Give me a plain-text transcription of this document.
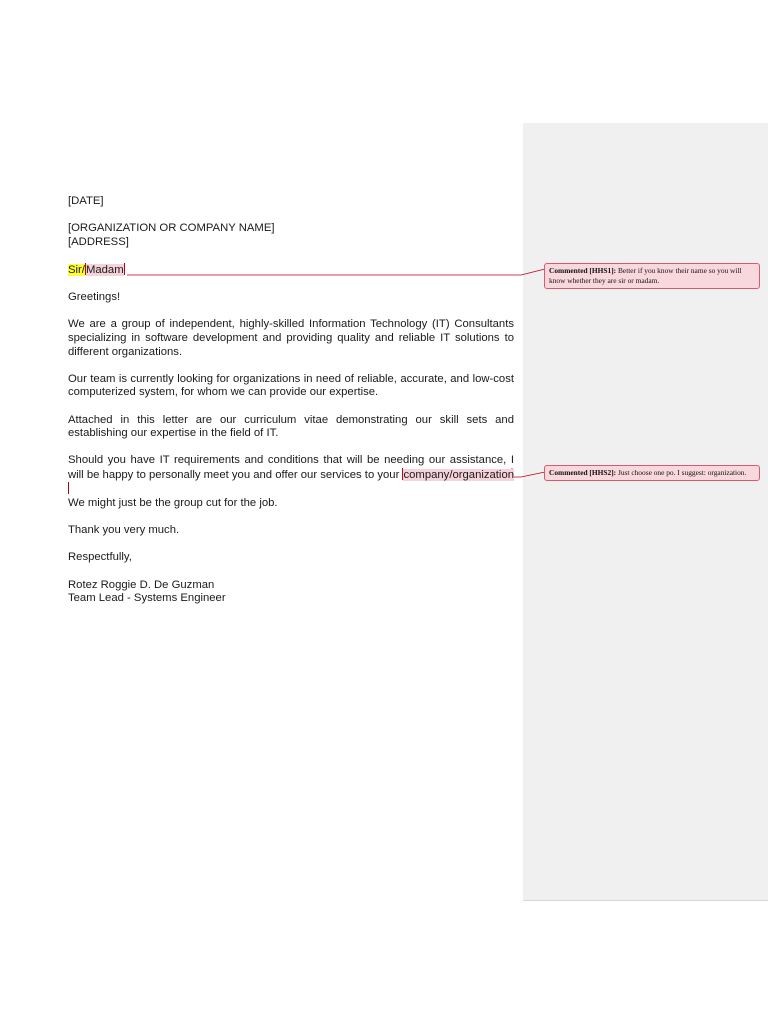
[DATE]

[ORGANIZATION OR COMPANY NAME]

[ADDRESS]

Sir/Madam

Greetings!

We are a group of independent, highly-skilled Information Technology (IT) Consultants specializing in software development and providing quality and reliable IT solutions to different organizations.

Our team is currently looking for organizations in need of reliable, accurate, and low-cost computerized system, for whom we can provide our expertise.

Attached in this letter are our curriculum vitae demonstrating our skill sets and establishing our expertise in the field of IT.

Should you have IT requirements and conditions that will be needing our assistance, I will be happy to personally meet you and offer our services to your company/organization
We might just be the group cut for the job.

Thank you very much.

Respectfully,

Rotez Roggie D. De Guzman

Team Lead - Systems Engineer

Commented [HHS1]: Better if you know their name so you will know whether they are sir or madam.
Commented [HHS2]: Just choose one po. I suggest: organization.
